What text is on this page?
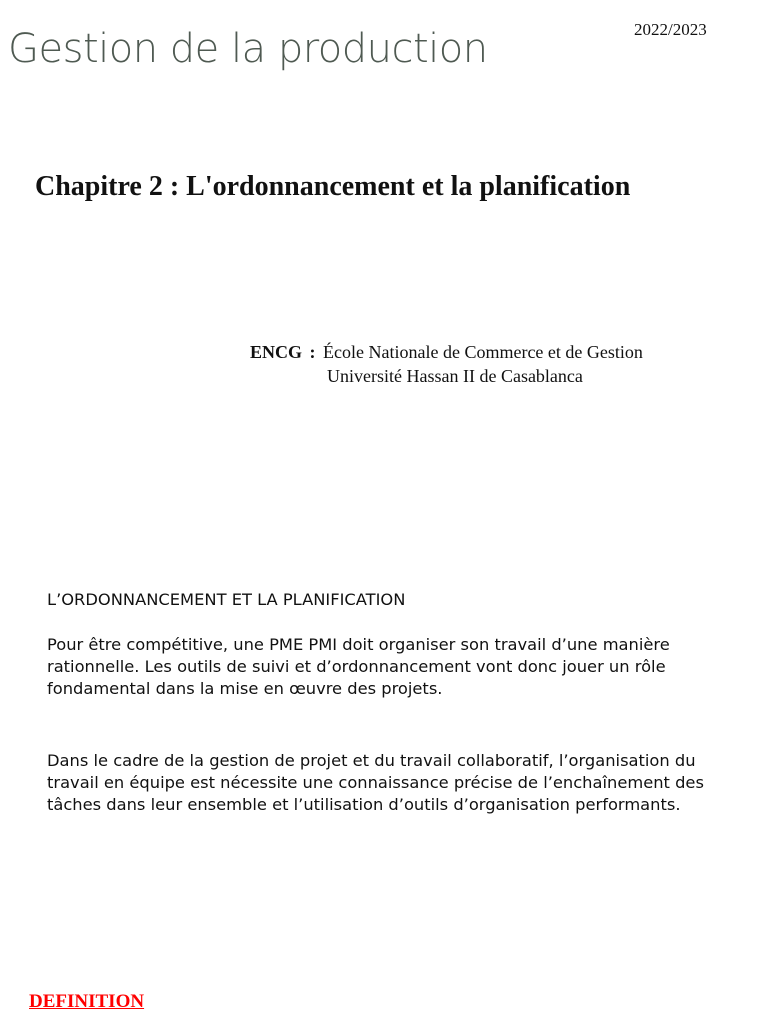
2022/2023
Gestion de la production
Chapitre 2 : L'ordonnancement et la planification
ENCG : École Nationale de Commerce et de Gestion
Université Hassan II de Casablanca
L’ORDONNANCEMENT ET LA PLANIFICATION
Pour être compétitive, une PME PMI doit organiser son travail d’une manière rationnelle. Les outils de suivi et d’ordonnancement vont donc jouer un rôle fondamental dans la mise en œuvre des projets.
Dans le cadre de la gestion de projet et du travail collaboratif, l’organisation du travail en équipe est nécessite une connaissance précise de l’enchaînement des tâches dans leur ensemble et l’utilisation d’outils d’organisation performants.
DEFINITION
